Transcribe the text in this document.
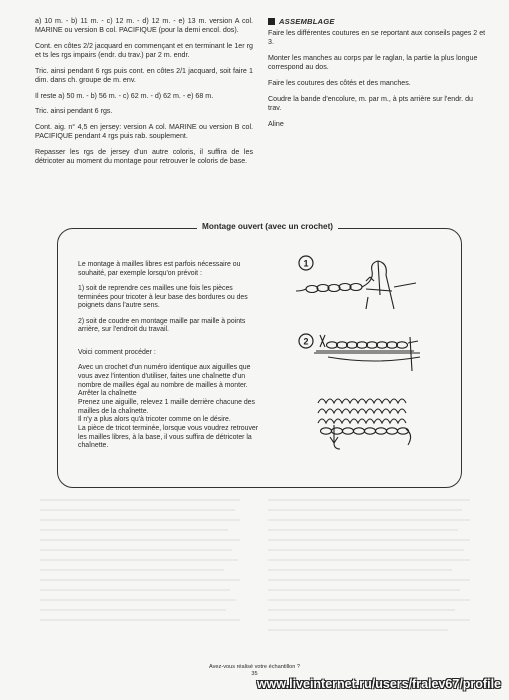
a) 10 m. - b) 11 m. - c) 12 m. - d) 12 m. - e) 13 m. version A col. MARINE ou version B col. PACIFIQUE (pour la demi encol. dos).

Cont. en côtes 2/2 jacquard en commençant et en terminant le 1er rg et ts les rgs impairs (endr. du trav.) par 2 m. endr.

Tric. ainsi pendant 6 rgs puis cont. en côtes 2/1 jacquard, soit faire 1 dim. dans ch. groupe de m. env.

Il reste a) 50 m. - b) 56 m. - c) 62 m. - d) 62 m. - e) 68 m.

Tric. ainsi pendant 6 rgs.

Cont. aig. n° 4,5 en jersey: version A col. MARINE ou version B col. PACIFIQUE pendant 4 rgs puis rab. souplement.

Repasser les rgs de jersey d'un autre coloris, il suffira de les détricoter au moment du montage pour retrouver le coloris de base.

ASSEMBLAGE

Faire les différentes coutures en se reportant aux conseils pages 2 et 3.

Monter les manches au corps par le raglan, la partie la plus longue correspond au dos.

Faire les coutures des côtés et des manches.

Coudre la bande d'encolure, m. par m., à pts arrière sur l'endr. du trav.

Aline

Montage ouvert (avec un crochet)

Le montage à mailles libres est parfois nécessaire ou
souhaité, par exemple lorsqu'on prévoit :

1) soit de reprendre ces mailles une fois les pièces
terminées pour tricoter à leur base des bordures ou des
poignets dans l'autre sens.

2) soit de coudre en montage maille par maille à points
arrière, sur l'endroit du travail.

Voici comment procéder :

Avec un crochet d'un numéro identique aux aiguilles que
vous avez l'intention d'utiliser, faites une chaînette d'un
nombre de mailles égal au nombre de mailles à monter.
Arrêter la chaînette
Prenez une aiguille, relevez 1 maille derrière chacune des
mailles de la chaînette.
Il n'y a plus alors qu'à tricoter comme on le désire.
La pièce de tricot terminée, lorsque vous voudrez retrouver
les mailles libres, à la base, il vous suffira de détricoter la
chaînette.

1
2
Avez-vous réalisé votre échantillon ?
35
www.liveinternet.ru/users/fralev67/profile
